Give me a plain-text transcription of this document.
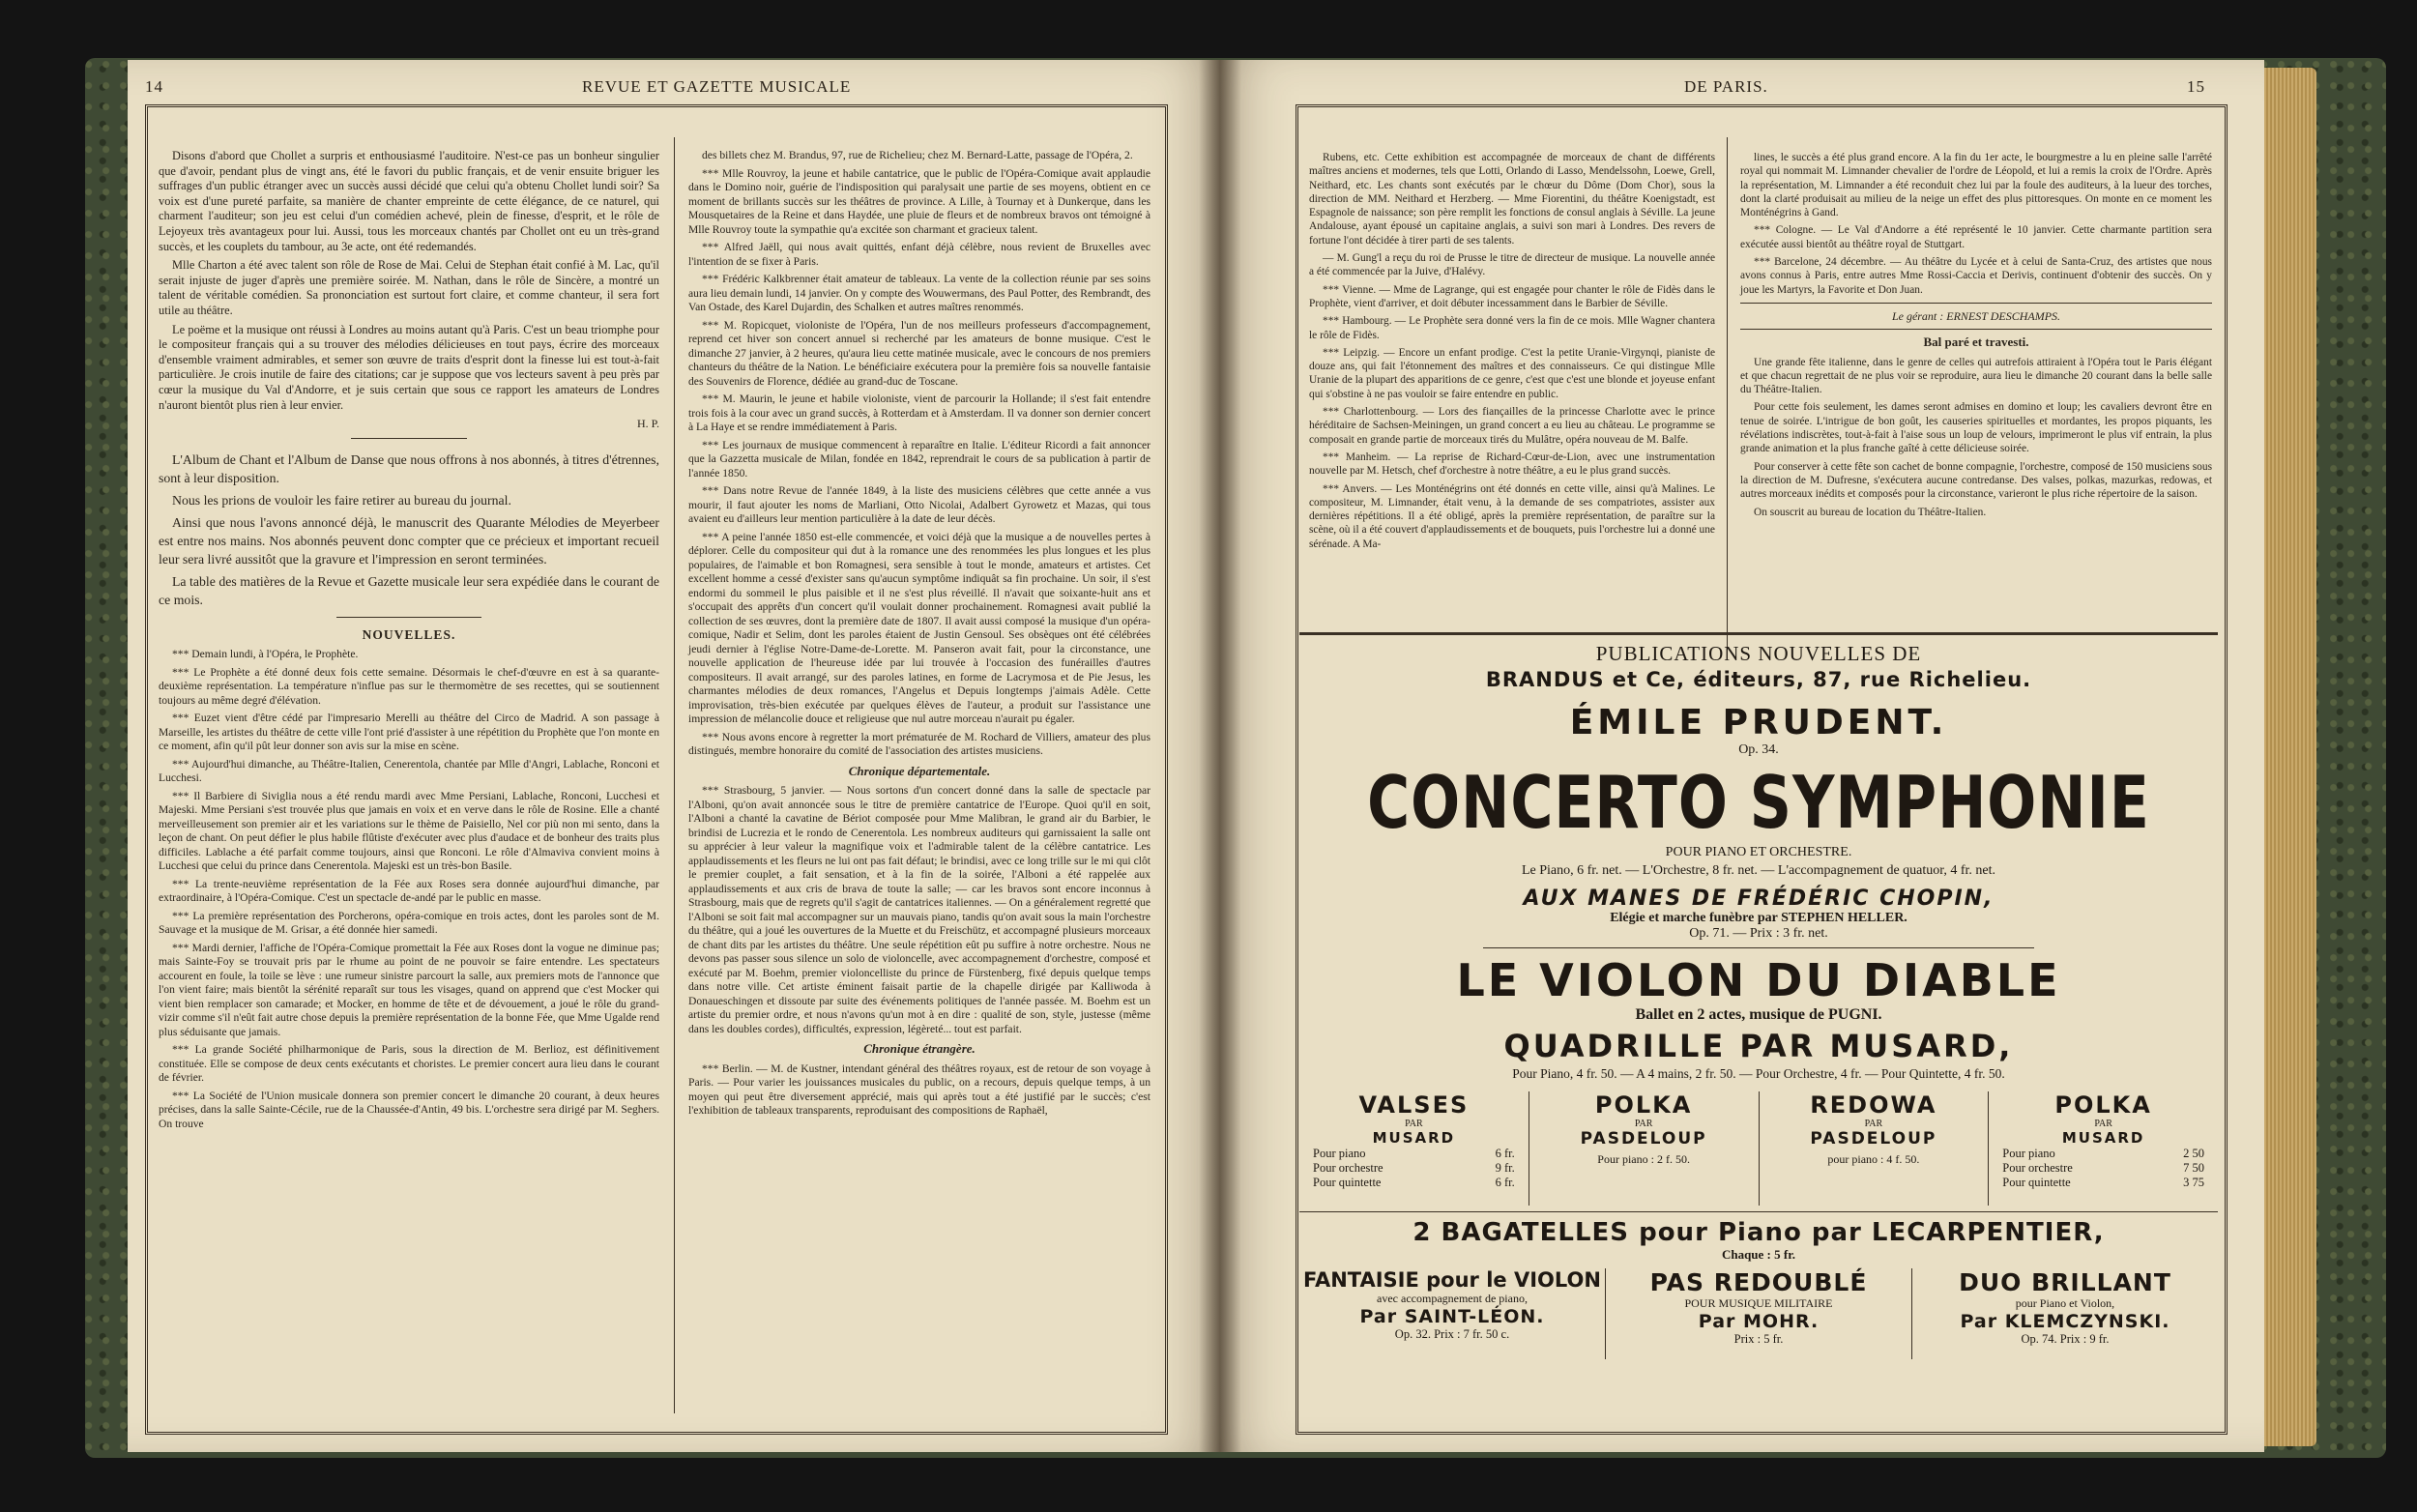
14	REVUE ET GAZETTE MUSICALE

Disons d'abord que Chollet a surpris et enthousiasmé l'auditoire. N'est-ce pas un bonheur singulier que d'avoir, pendant plus de vingt ans, été le favori du public français, et de venir ensuite briguer les suffrages d'un public étranger avec un succès aussi décidé que celui qu'a obtenu Chollet lundi soir? Sa voix est d'une pureté parfaite, sa manière de chanter empreinte de cette élégance, de ce naturel, qui charment l'auditeur; son jeu est celui d'un comédien achevé, plein de finesse, d'esprit, et le rôle de Lejoyeux très avantageux pour lui. Aussi, tous les morceaux chantés par Chollet ont eu un très-grand succès, et les couplets du tambour, au 3e acte, ont été redemandés.

Mlle Charton a été avec talent son rôle de Rose de Mai. Celui de Stephan était confié à M. Lac, qu'il serait injuste de juger d'après une première soirée. M. Nathan, dans le rôle de Sincère, a montré un talent de véritable comédien. Sa prononciation est surtout fort claire, et comme chanteur, il sera fort utile au théâtre.

Le poëme et la musique ont réussi à Londres au moins autant qu'à Paris. C'est un beau triomphe pour le compositeur français qui a su trouver des mélodies délicieuses en tout pays, écrire des morceaux d'ensemble vraiment admirables, et semer son œuvre de traits d'esprit dont la finesse lui est tout-à-fait particulière. Je crois inutile de faire des citations; car je suppose que vos lecteurs savent à peu près par cœur la musique du Val d'Andorre, et je suis certain que sous ce rapport les amateurs de Londres n'auront bientôt plus rien à leur envier.

H. P.

L'Album de Chant et l'Album de Danse que nous offrons à nos abonnés, à titres d'étrennes, sont à leur disposition.

Nous les prions de vouloir les faire retirer au bureau du journal.

Ainsi que nous l'avons annoncé déjà, le manuscrit des Quarante Mélodies de Meyerbeer est entre nos mains. Nos abonnés peuvent donc compter que ce précieux et important recueil leur sera livré aussitôt que la gravure et l'impression en seront terminées.

La table des matières de la Revue et Gazette musicale leur sera expédiée dans le courant de ce mois.

NOUVELLES.

*** Demain lundi, à l'Opéra, le Prophète.

*** Le Prophète a été donné deux fois cette semaine. Désormais le chef-d'œuvre en est à sa quarante-deuxième représentation. La température n'influe pas sur le thermomètre de ses recettes, qui se soutiennent toujours au même degré d'élévation.

*** Euzet vient d'être cédé par l'impresario Merelli au théâtre del Circo de Madrid. A son passage à Marseille, les artistes du théâtre de cette ville l'ont prié d'assister à une répétition du Prophète que l'on monte en ce moment, afin qu'il pût leur donner son avis sur la mise en scène.

*** Aujourd'hui dimanche, au Théâtre-Italien, Cenerentola, chantée par Mlle d'Angri, Lablache, Ronconi et Lucchesi.

*** Il Barbiere di Siviglia nous a été rendu mardi avec Mme Persiani, Lablache, Ronconi, Lucchesi et Majeski. Mme Persiani s'est trouvée plus que jamais en voix et en verve dans le rôle de Rosine. Elle a chanté merveilleusement son premier air et les variations sur le thème de Paisiello, Nel cor più non mi sento, dans la leçon de chant. On peut défier le plus habile flûtiste d'exécuter avec plus d'audace et de bonheur des traits plus difficiles. Lablache a été parfait comme toujours, ainsi que Ronconi. Le rôle d'Almaviva convient moins à Lucchesi que celui du prince dans Cenerentola. Majeski est un très-bon Basile.

*** La trente-neuvième représentation de la Fée aux Roses sera donnée aujourd'hui dimanche, par extraordinaire, à l'Opéra-Comique. C'est un spectacle de-andé par le public en masse.

*** La première représentation des Porcherons, opéra-comique en trois actes, dont les paroles sont de M. Sauvage et la musique de M. Grisar, a été donnée hier samedi.

*** Mardi dernier, l'affiche de l'Opéra-Comique promettait la Fée aux Roses dont la vogue ne diminue pas; mais Sainte-Foy se trouvait pris par le rhume au point de ne pouvoir se faire entendre. Les spectateurs accourent en foule, la toile se lève : une rumeur sinistre parcourt la salle, aux premiers mots de l'annonce que l'on vient faire; mais bientôt la sérénité reparaît sur tous les visages, quand on apprend que c'est Mocker qui vient bien remplacer son camarade; et Mocker, en homme de tête et de dévouement, a joué le rôle du grand-vizir comme s'il n'eût fait autre chose depuis la première représentation de la bonne Fée, que Mme Ugalde rend plus séduisante que jamais.

*** La grande Société philharmonique de Paris, sous la direction de M. Berlioz, est définitivement constituée. Elle se compose de deux cents exécutants et choristes. Le premier concert aura lieu dans le courant de février.

*** La Société de l'Union musicale donnera son premier concert le dimanche 20 courant, à deux heures précises, dans la salle Sainte-Cécile, rue de la Chaussée-d'Antin, 49 bis. L'orchestre sera dirigé par M. Seghers. On trouve

des billets chez M. Brandus, 97, rue de Richelieu; chez M. Bernard-Latte, passage de l'Opéra, 2.

*** Mlle Rouvroy, la jeune et habile cantatrice, que le public de l'Opéra-Comique avait applaudie dans le Domino noir, guérie de l'indisposition qui paralysait une partie de ses moyens, obtient en ce moment de brillants succès sur les théâtres de province. A Lille, à Tournay et à Dunkerque, dans les Mousquetaires de la Reine et dans Haydée, une pluie de fleurs et de nombreux bravos ont témoigné à Mlle Rouvroy toute la sympathie qu'a excitée son charmant et gracieux talent.

*** Alfred Jaëll, qui nous avait quittés, enfant déjà célèbre, nous revient de Bruxelles avec l'intention de se fixer à Paris.

*** Frédéric Kalkbrenner était amateur de tableaux. La vente de la collection réunie par ses soins aura lieu demain lundi, 14 janvier. On y compte des Wouwermans, des Paul Potter, des Rembrandt, des Van Ostade, des Karel Dujardin, des Schalken et autres maîtres renommés.

*** M. Ropicquet, violoniste de l'Opéra, l'un de nos meilleurs professeurs d'accompagnement, reprend cet hiver son concert annuel si recherché par les amateurs de bonne musique. C'est le dimanche 27 janvier, à 2 heures, qu'aura lieu cette matinée musicale, avec le concours de nos premiers chanteurs du théâtre de la Nation. Le bénéficiaire exécutera pour la première fois sa nouvelle fantaisie des Souvenirs de Florence, dédiée au grand-duc de Toscane.

*** M. Maurin, le jeune et habile violoniste, vient de parcourir la Hollande; il s'est fait entendre trois fois à la cour avec un grand succès, à Rotterdam et à Amsterdam. Il va donner son dernier concert à La Haye et se rendre immédiatement à Paris.

*** Les journaux de musique commencent à reparaître en Italie. L'éditeur Ricordi a fait annoncer que la Gazzetta musicale de Milan, fondée en 1842, reprendrait le cours de sa publication à partir de l'année 1850.

*** Dans notre Revue de l'année 1849, à la liste des musiciens célèbres que cette année a vus mourir, il faut ajouter les noms de Marliani, Otto Nicolai, Adalbert Gyrowetz et Mazas, qui tous avaient eu d'ailleurs leur mention particulière à la date de leur décès.

*** A peine l'année 1850 est-elle commencée, et voici déjà que la musique a de nouvelles pertes à déplorer. Celle du compositeur qui dut à la romance une des renommées les plus longues et les plus populaires, de l'aimable et bon Romagnesi, sera sensible à tout le monde, amateurs et artistes. Cet excellent homme a cessé d'exister sans qu'aucun symptôme indiquât sa fin prochaine. Un soir, il s'est endormi du sommeil le plus paisible et il ne s'est plus réveillé. Il n'avait que soixante-huit ans et s'occupait des apprêts d'un concert qu'il voulait donner prochainement. Romagnesi avait publié la collection de ses œuvres, dont la première date de 1807. Il avait aussi composé la musique d'un opéra-comique, Nadir et Selim, dont les paroles étaient de Justin Gensoul. Ses obsèques ont été célébrées jeudi dernier à l'église Notre-Dame-de-Lorette. M. Panseron avait fait, pour la circonstance, une nouvelle application de l'heureuse idée par lui trouvée à l'occasion des funérailles d'autres compositeurs. Il avait arrangé, sur des paroles latines, en forme de Lacrymosa et de Pie Jesus, les charmantes mélodies de deux romances, l'Angelus et Depuis longtemps j'aimais Adèle. Cette improvisation, très-bien exécutée par quelques élèves de l'auteur, a produit sur l'assistance une impression de mélancolie douce et religieuse que nul autre morceau n'aurait pu égaler.

*** Nous avons encore à regretter la mort prématurée de M. Rochard de Villiers, amateur des plus distingués, membre honoraire du comité de l'association des artistes musiciens.

Chronique départementale.

*** Strasbourg, 5 janvier. — Nous sortons d'un concert donné dans la salle de spectacle par l'Alboni, qu'on avait annoncée sous le titre de première cantatrice de l'Europe. Quoi qu'il en soit, l'Alboni a chanté la cavatine de Bériot composée pour Mme Malibran, le grand air du Barbier, le brindisi de Lucrezia et le rondo de Cenerentola. Les nombreux auditeurs qui garnissaient la salle ont su apprécier à leur valeur la magnifique voix et l'admirable talent de la célèbre cantatrice. Les applaudissements et les fleurs ne lui ont pas fait défaut; le brindisi, avec ce long trille sur le mi qui clôt le premier couplet, a fait sensation, et à la fin de la soirée, l'Alboni a été rappelée aux applaudissements et aux cris de brava de toute la salle; — car les bravos sont encore inconnus à Strasbourg, mais que de regrets qu'il s'agit de cantatrices italiennes. — On a généralement regretté que l'Alboni se soit fait mal accompagner sur un mauvais piano, tandis qu'on avait sous la main l'orchestre du théâtre, qui a joué les ouvertures de la Muette et du Freischütz, et accompagné plusieurs morceaux de chant dits par les artistes du théâtre. Une seule répétition eût pu suffire à notre orchestre. Nous ne devons pas passer sous silence un solo de violoncelle, avec accompagnement d'orchestre, composé et exécuté par M. Boehm, premier violoncelliste du prince de Fürstenberg, fixé depuis quelque temps dans notre ville. Cet artiste éminent faisait partie de la chapelle dirigée par Kalliwoda à Donaueschingen et dissoute par suite des événements politiques de l'année passée. M. Boehm est un artiste du premier ordre, et nous n'avons qu'un mot à en dire : qualité de son, style, justesse (même dans les doubles cordes), difficultés, expression, légèreté... tout est parfait.

Chronique étrangère.

*** Berlin. — M. de Kustner, intendant général des théâtres royaux, est de retour de son voyage à Paris. — Pour varier les jouissances musicales du public, on a recours, depuis quelque temps, à un moyen qui peut être diversement apprécié, mais qui après tout a été justifié par le succès; c'est l'exhibition de tableaux transparents, reproduisant des compositions de Raphaël,

DE PARIS.	15

Rubens, etc. Cette exhibition est accompagnée de morceaux de chant de différents maîtres anciens et modernes, tels que Lotti, Orlando di Lasso, Mendelssohn, Loewe, Grell, Neithard, etc. Les chants sont exécutés par le chœur du Dôme (Dom Chor), sous la direction de MM. Neithard et Herzberg. — Mme Fiorentini, du théâtre Koenigstadt, est Espagnole de naissance; son père remplit les fonctions de consul anglais à Séville. La jeune Andalouse, ayant épousé un capitaine anglais, a suivi son mari à Londres. Des revers de fortune l'ont décidée à tirer parti de ses talents.

— M. Gung'l a reçu du roi de Prusse le titre de directeur de musique. La nouvelle année a été commencée par la Juive, d'Halévy.

*** Vienne. — Mme de Lagrange, qui est engagée pour chanter le rôle de Fidès dans le Prophète, vient d'arriver, et doit débuter incessamment dans le Barbier de Séville.

*** Hambourg. — Le Prophète sera donné vers la fin de ce mois. Mlle Wagner chantera le rôle de Fidès.

*** Leipzig. — Encore un enfant prodige. C'est la petite Uranie-Virgynqi, pianiste de douze ans, qui fait l'étonnement des maîtres et des connaisseurs. Ce qui distingue Mlle Uranie de la plupart des apparitions de ce genre, c'est que c'est une blonde et joyeuse enfant qui s'obstine à ne pas vouloir se faire entendre en public.

*** Charlottenbourg. — Lors des fiançailles de la princesse Charlotte avec le prince héréditaire de Sachsen-Meiningen, un grand concert a eu lieu au château. Le programme se composait en grande partie de morceaux tirés du Mulâtre, opéra nouveau de M. Balfe.

*** Manheim. — La reprise de Richard-Cœur-de-Lion, avec une instrumentation nouvelle par M. Hetsch, chef d'orchestre à notre théâtre, a eu le plus grand succès.

*** Anvers. — Les Monténégrins ont été donnés en cette ville, ainsi qu'à Malines. Le compositeur, M. Limnander, était venu, à la demande de ses compatriotes, assister aux dernières répétitions. Il a été obligé, après la première représentation, de paraître sur la scène, où il a été couvert d'applaudissements et de bouquets, puis l'orchestre lui a donné une sérénade. A Ma-

lines, le succès a été plus grand encore. A la fin du 1er acte, le bourgmestre a lu en pleine salle l'arrêté royal qui nommait M. Limnander chevalier de l'ordre de Léopold, et lui a remis la croix de l'Ordre. Après la représentation, M. Limnander a été reconduit chez lui par la foule des auditeurs, à la lueur des torches, dont la clarté produisait au milieu de la neige un effet des plus pittoresques. On monte en ce moment les Monténégrins à Gand.

*** Cologne. — Le Val d'Andorre a été représenté le 10 janvier. Cette charmante partition sera exécutée aussi bientôt au théâtre royal de Stuttgart.

*** Barcelone, 24 décembre. — Au théâtre du Lycée et à celui de Santa-Cruz, des artistes que nous avons connus à Paris, entre autres Mme Rossi-Caccia et Derivis, continuent d'obtenir des succès. On y joue les Martyrs, la Favorite et Don Juan.

Le gérant : ERNEST DESCHAMPS.
Bal paré et travesti.

Une grande fête italienne, dans le genre de celles qui autrefois attiraient à l'Opéra tout le Paris élégant et que chacun regrettait de ne plus voir se reproduire, aura lieu le dimanche 20 courant dans la belle salle du Théâtre-Italien.

Pour cette fois seulement, les dames seront admises en domino et loup; les cavaliers devront être en tenue de soirée. L'intrigue de bon goût, les causeries spirituelles et mordantes, les propos piquants, les révélations indiscrètes, tout-à-fait à l'aise sous un loup de velours, imprimeront le plus vif entrain, la plus grande animation et la plus franche gaîté à cette délicieuse soirée.

Pour conserver à cette fête son cachet de bonne compagnie, l'orchestre, composé de 150 musiciens sous la direction de M. Dufresne, s'exécutera aucune contredanse. Des valses, polkas, mazurkas, redowas, et autres morceaux inédits et composés pour la circonstance, varieront le plus riche répertoire de la saison.

On souscrit au bureau de location du Théâtre-Italien.

PUBLICATIONS NOUVELLES DE
BRANDUS et Ce, éditeurs, 87, rue Richelieu.
ÉMILE PRUDENT.
Op. 34.
CONCERTO SYMPHONIE
POUR PIANO ET ORCHESTRE.
Le Piano, 6 fr. net. — L'Orchestre, 8 fr. net. — L'accompagnement de quatuor, 4 fr. net.
AUX MANES DE FRÉDÉRIC CHOPIN,
Elégie et marche funèbre par STEPHEN HELLER.
Op. 71. — Prix : 3 fr. net.
LE VIOLON DU DIABLE
Ballet en 2 actes, musique de PUGNI.
QUADRILLE PAR MUSARD,
Pour Piano, 4 fr. 50. — A 4 mains, 2 fr. 50. — Pour Orchestre, 4 fr. — Pour Quintette, 4 fr. 50.
VALSES
PAR
MUSARD
Pour piano	6 fr.
Pour orchestre	9 fr.
Pour quintette	6 fr.
POLKA
PAR
PASDELOUP
Pour piano : 2 f. 50.
REDOWA
PAR
PASDELOUP
pour piano : 4 f. 50.
POLKA
PAR
MUSARD
Pour piano	2 50
Pour orchestre	7 50
Pour quintette	3 75
2 BAGATELLES pour Piano par LECARPENTIER,
Chaque : 5 fr.
FANTAISIE pour le VIOLON
avec accompagnement de piano,
Par SAINT-LÉON.
Op. 32. Prix : 7 fr. 50 c.
PAS REDOUBLÉ
POUR MUSIQUE MILITAIRE
Par MOHR.
Prix : 5 fr.
DUO BRILLANT
pour Piano et Violon,
Par KLEMCZYNSKI.
Op. 74. Prix : 9 fr.
